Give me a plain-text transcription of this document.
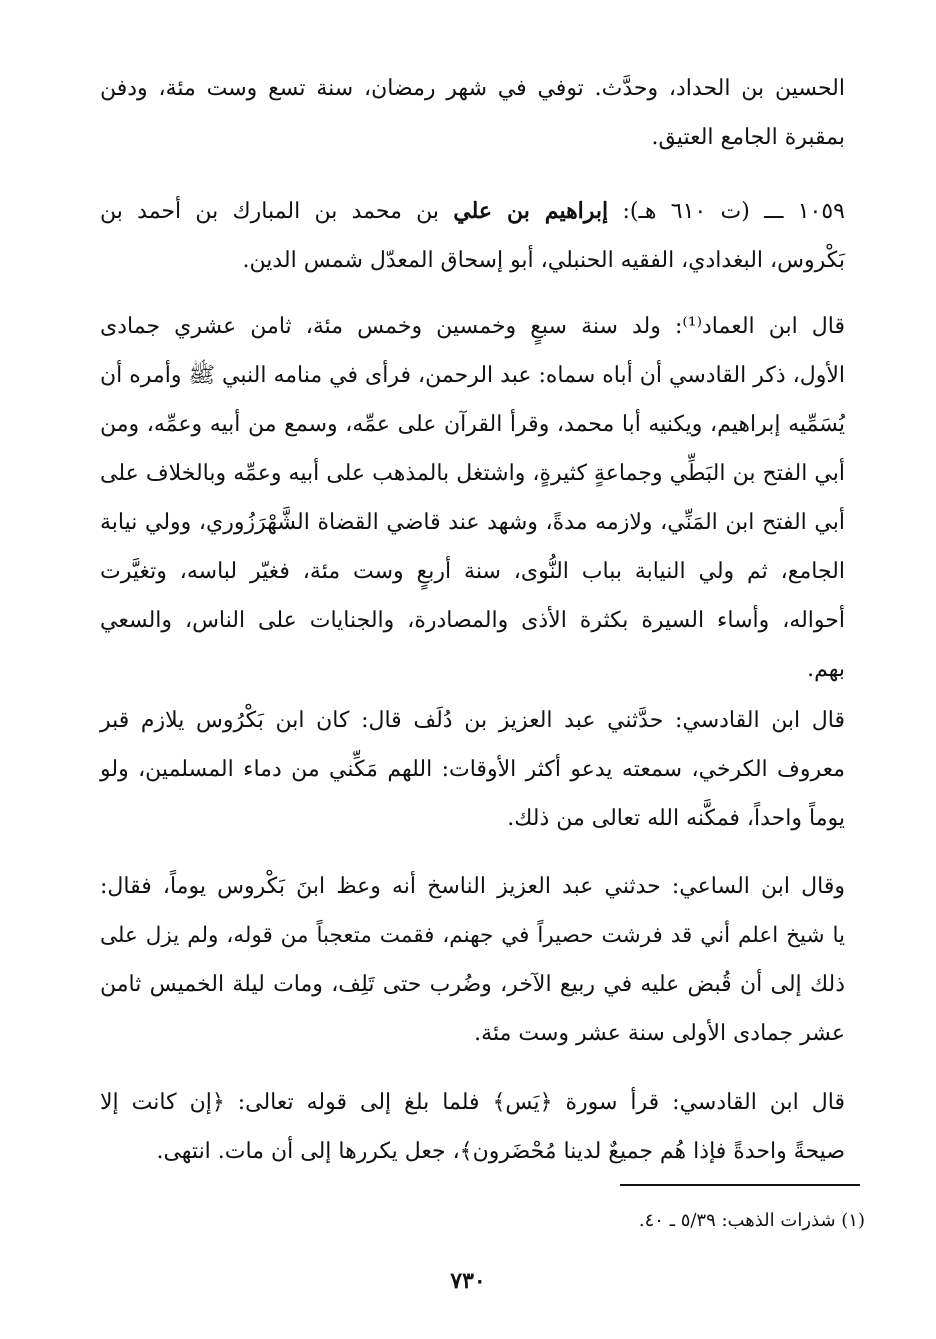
الحسين بن الحداد، وحدَّث. توفي في شهر رمضان، سنة تسع وست مئة، ودفن
بمقبرة الجامع العتيق.
١٠٥٩ ـــ (ت ٦١٠ هـ): إبراهيم بن علي بن محمد بن المبارك بن أحمد بن
بَكْروس، البغدادي، الفقيه الحنبلي، أبو إسحاق المعدّل شمس الدين.
قال ابن العماد⁽¹⁾: ولد سنة سبعٍ وخمسين وخمس مئة، ثامن عشري جمادى
الأول، ذكر القادسي أن أباه سماه: عبد الرحمن، فرأى في منامه النبي ﷺ وأمره أن
يُسَمِّيه إبراهيم، ويكنيه أبا محمد، وقرأ القرآن على عمِّه، وسمع من أبيه وعمِّه، ومن
أبي الفتح بن البَطِّي وجماعةٍ كثيرةٍ، واشتغل بالمذهب على أبيه وعمِّه وبالخلاف على
أبي الفتح ابن المَنِّي، ولازمه مدةً، وشهد عند قاضي القضاة الشَّهْرَزُوري، وولي نيابة
الجامع، ثم ولي النيابة بباب النُّوى، سنة أربعٍ وست مئة، فغيّر لباسه، وتغيَّرت
أحواله، وأساء السيرة بكثرة الأذى والمصادرة، والجنايات على الناس، والسعي
بهم.
قال ابن القادسي: حدَّثني عبد العزيز بن دُلَف قال: كان ابن بَكْرُوس يلازم قبر
معروف الكرخي، سمعته يدعو أكثر الأوقات: اللهم مَكِّني من دماء المسلمين، ولو
يوماً واحداً، فمكَّنه الله تعالى من ذلك.
وقال ابن الساعي: حدثني عبد العزيز الناسخ أنه وعظ ابنَ بَكْروس يوماً، فقال:
يا شيخ اعلم أني قد فرشت حصيراً في جهنم، فقمت متعجباً من قوله، ولم يزل على
ذلك إلى أن قُبض عليه في ربيع الآخر، وضُرب حتى تَلِف، ومات ليلة الخميس ثامن
عشر جمادى الأولى سنة عشر وست مئة.
قال ابن القادسي: قرأ سورة ﴿يَس﴾ فلما بلغ إلى قوله تعالى: ﴿إن كانت إلا
صيحةً واحدةً فإذا هُم جميعٌ لدينا مُحْضَرون﴾، جعل يكررها إلى أن مات. انتهى.
(١) شذرات الذهب: ٥/٣٩ ـ ٤٠.
٧٣٠
